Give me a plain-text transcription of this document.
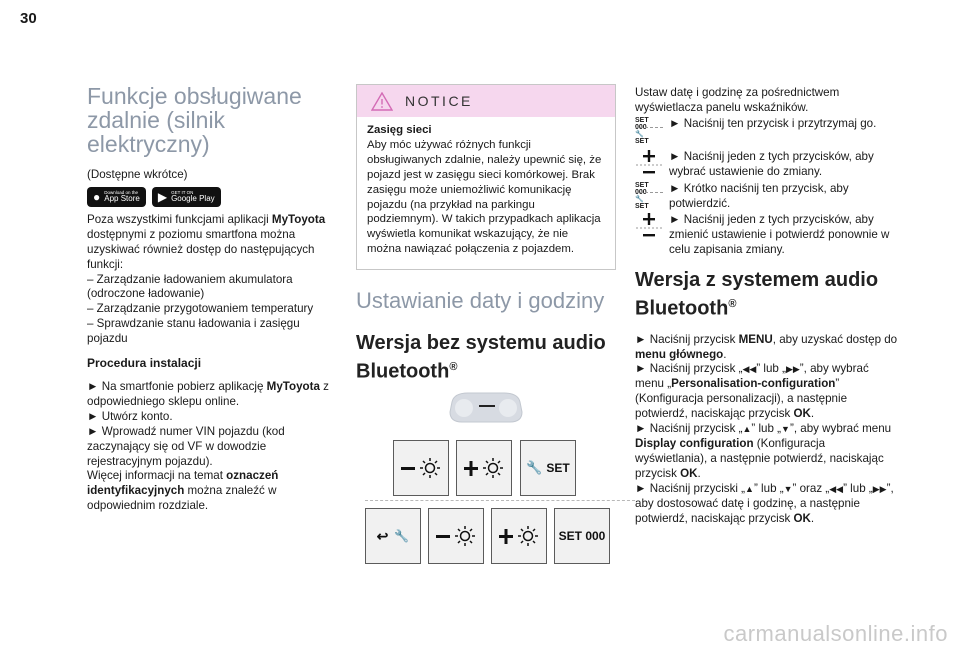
30
Funkcje obsługiwane
zdalnie (silnik elektryczny)
(Dostępne wkrótce)
● Download on the
App Store ▶ GET IT ON
Google Play
Poza wszystkimi funkcjami aplikacji MyToyota dostępnymi z poziomu smartfona można uzyskiwać również dostęp do następujących funkcji:
– Zarządzanie ładowaniem akumulatora (odroczone ładowanie)
– Zarządzanie przygotowaniem temperatury
– Sprawdzanie stanu ładowania i zasięgu pojazdu
Procedura instalacji
► Na smartfonie pobierz aplikację MyToyota z odpowiedniego sklepu online.
► Utwórz konto.
► Wprowadź numer VIN pojazdu (kod zaczynający się od VF w dowodzie rejestracyjnym pojazdu).
Więcej informacji na temat oznaczeń identyfikacyjnych można znaleźć w odpowiednim rozdziale.
NOTICE
Zasięg sieci
Aby móc używać różnych funkcji obsługiwanych zdalnie, należy upewnić się, że pojazd jest w zasięgu sieci komórkowej. Brak zasięgu może uniemożliwić komunikację pojazdu (na przykład na parkingu podziemnym). W takich przypadkach aplikacja wyświetla komunikat wskazujący, że nie można nawiązać połączenia z pojazdem.
Ustawianie daty i godziny
Wersja bez systemu audio Bluetooth®
🔧 SET
↩ 🔧	SET 000
Ustaw datę i godzinę za pośrednictwem wyświetlacza panelu wskaźników.
SET 000
🔧 SET
► Naciśnij ten przycisk i przytrzymaj go.
► Naciśnij jeden z tych przycisków, aby wybrać ustawienie do zmiany.
SET 000
🔧 SET
► Krótko naciśnij ten przycisk, aby potwierdzić.
► Naciśnij jeden z tych przycisków, aby zmienić ustawienie i potwierdź ponownie w celu zapisania zmiany.
Wersja z systemem audio Bluetooth®
► Naciśnij przycisk MENU, aby uzyskać dostęp do menu głównego.
► Naciśnij przycisk „◀◀” lub „▶▶”, aby wybrać menu „Personalisation-configuration” (Konfiguracja personalizacji), a następnie potwierdź, naciskając przycisk OK.
► Naciśnij przycisk „▲” lub „▼”, aby wybrać menu Display configuration (Konfiguracja wyświetlania), a następnie potwierdź, naciskając przycisk OK.
► Naciśnij przyciski „▲” lub „▼” oraz „◀◀” lub „▶▶”, aby dostosować datę i godzinę, a następnie potwierdź, naciskając przycisk OK.
carmanualsonline.info
